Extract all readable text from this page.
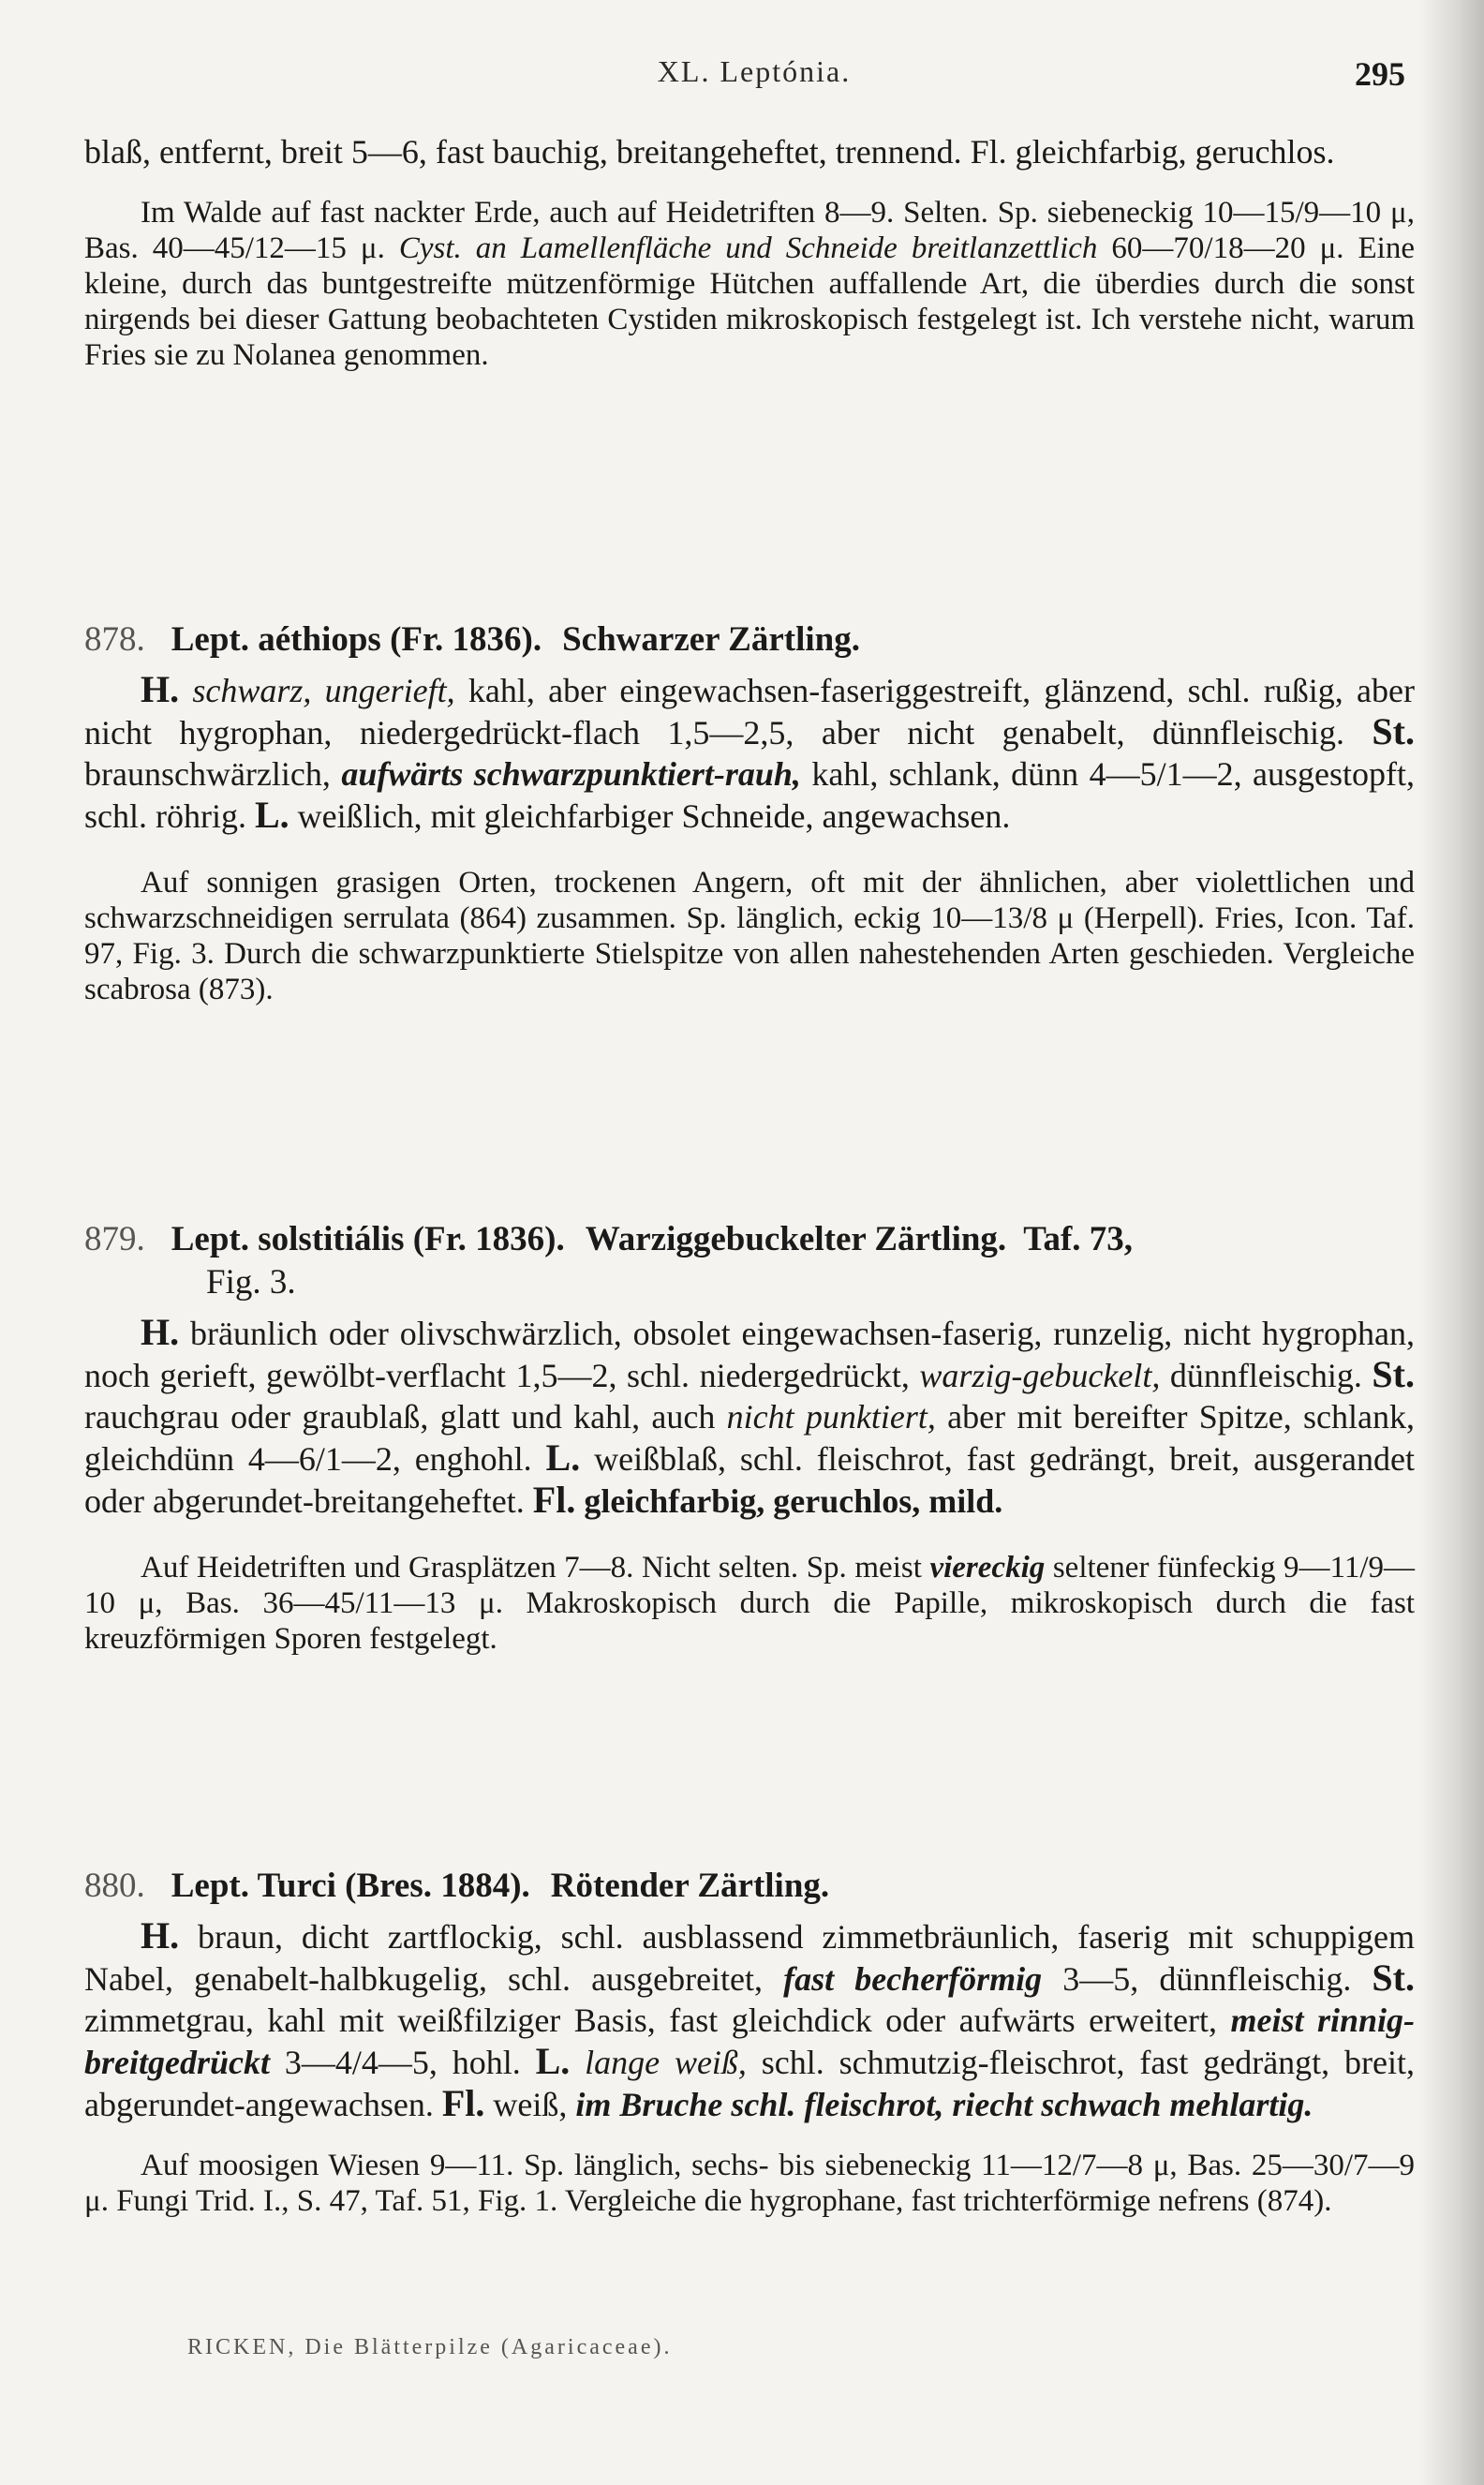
XL. Leptónia.	295

blaß, entfernt, breit 5—6, fast bauchig, breitangeheftet, trennend. Fl. gleichfarbig, geruchlos.

Im Walde auf fast nackter Erde, auch auf Heidetriften 8—9. Selten. Sp. siebeneckig 10—15/9—10 μ, Bas. 40—45/12—15 μ. Cyst. an Lamellenfläche und Schneide breitlanzettlich 60—70/18—20 μ. Eine kleine, durch das buntgestreifte mützenförmige Hütchen auffallende Art, die überdies durch die sonst nirgends bei dieser Gattung beobachteten Cystiden mikroskopisch festgelegt ist. Ich verstehe nicht, warum Fries sie zu Nolanea genommen.

878. Lept. aéthiops (Fr. 1836). Schwarzer Zärtling.

H. schwarz, ungerieft, kahl, aber eingewachsen-faseriggestreift, glänzend, schl. rußig, aber nicht hygrophan, niedergedrückt-flach 1,5—2,5, aber nicht genabelt, dünnfleischig. St. braunschwärzlich, aufwärts schwarzpunktiert-rauh, kahl, schlank, dünn 4—5/1—2, ausgestopft, schl. röhrig. L. weißlich, mit gleichfarbiger Schneide, angewachsen.

Auf sonnigen grasigen Orten, trockenen Angern, oft mit der ähnlichen, aber violettlichen und schwarzschneidigen serrulata (864) zusammen. Sp. länglich, eckig 10—13/8 μ (Herpell). Fries, Icon. Taf. 97, Fig. 3. Durch die schwarzpunktierte Stielspitze von allen nahestehenden Arten geschieden. Vergleiche scabrosa (873).

879. Lept. solstitiális (Fr. 1836). Warziggebuckelter Zärtling. Taf. 73,
Fig. 3.

H. bräunlich oder olivschwärzlich, obsolet eingewachsen-faserig, runzelig, nicht hygrophan, noch gerieft, gewölbt-verflacht 1,5—2, schl. niedergedrückt, warzig-gebuckelt, dünnfleischig. St. rauchgrau oder graublaß, glatt und kahl, auch nicht punktiert, aber mit bereifter Spitze, schlank, gleichdünn 4—6/1—2, enghohl. L. weißblaß, schl. fleischrot, fast gedrängt, breit, ausgerandet oder abgerundet-breitangeheftet. Fl. gleichfarbig, geruchlos, mild.

Auf Heidetriften und Grasplätzen 7—8. Nicht selten. Sp. meist viereckig seltener fünfeckig 9—11/9—10 μ, Bas. 36—45/11—13 μ. Makroskopisch durch die Papille, mikroskopisch durch die fast kreuzförmigen Sporen festgelegt.

880. Lept. Turci (Bres. 1884). Rötender Zärtling.

H. braun, dicht zartflockig, schl. ausblassend zimmetbräunlich, faserig mit schuppigem Nabel, genabelt-halbkugelig, schl. ausgebreitet, fast becherförmig 3—5, dünnfleischig. St. zimmetgrau, kahl mit weißfilziger Basis, fast gleichdick oder aufwärts erweitert, meist rinnig-breitgedrückt 3—4/4—5, hohl. L. lange weiß, schl. schmutzig-fleischrot, fast gedrängt, breit, abgerundet-angewachsen. Fl. weiß, im Bruche schl. fleischrot, riecht schwach mehlartig.

Auf moosigen Wiesen 9—11. Sp. länglich, sechs- bis siebeneckig 11—12/7—8 μ, Bas. 25—30/7—9 μ. Fungi Trid. I., S. 47, Taf. 51, Fig. 1. Vergleiche die hygrophane, fast trichterförmige nefrens (874).

RICKEN, Die Blätterpilze (Agaricaceae).
